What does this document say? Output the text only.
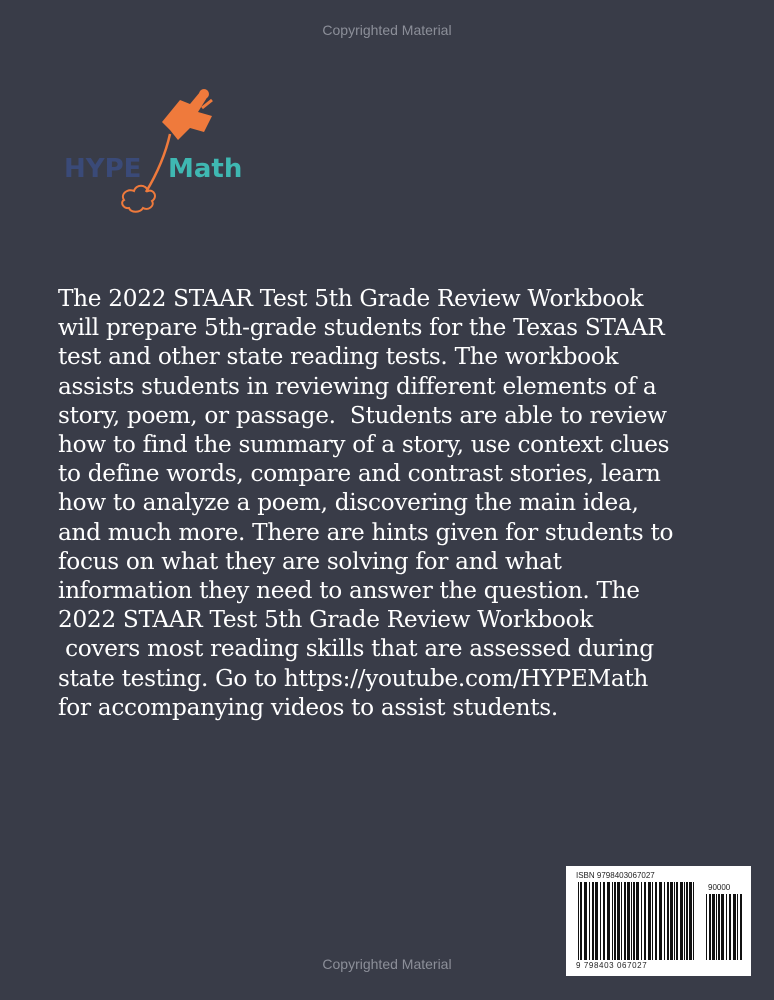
Copyrighted Material
HYPE Math
The 2022 STAAR Test 5th Grade Review Workbook
will prepare 5th-grade students for the Texas STAAR
test and other state reading tests. The workbook
assists students in reviewing different elements of a
story, poem, or passage.  Students are able to review
how to find the summary of a story, use context clues
to define words, compare and contrast stories, learn
how to analyze a poem, discovering the main idea,
and much more. There are hints given for students to
focus on what they are solving for and what
information they need to answer the question. The
2022 STAAR Test 5th Grade Review Workbook
covers most reading skills that are assessed during
state testing. Go to https://youtube.com/HYPEMath
for accompanying videos to assist students.
ISBN 9798403067027
90000
9 798403 067027
Copyrighted Material
